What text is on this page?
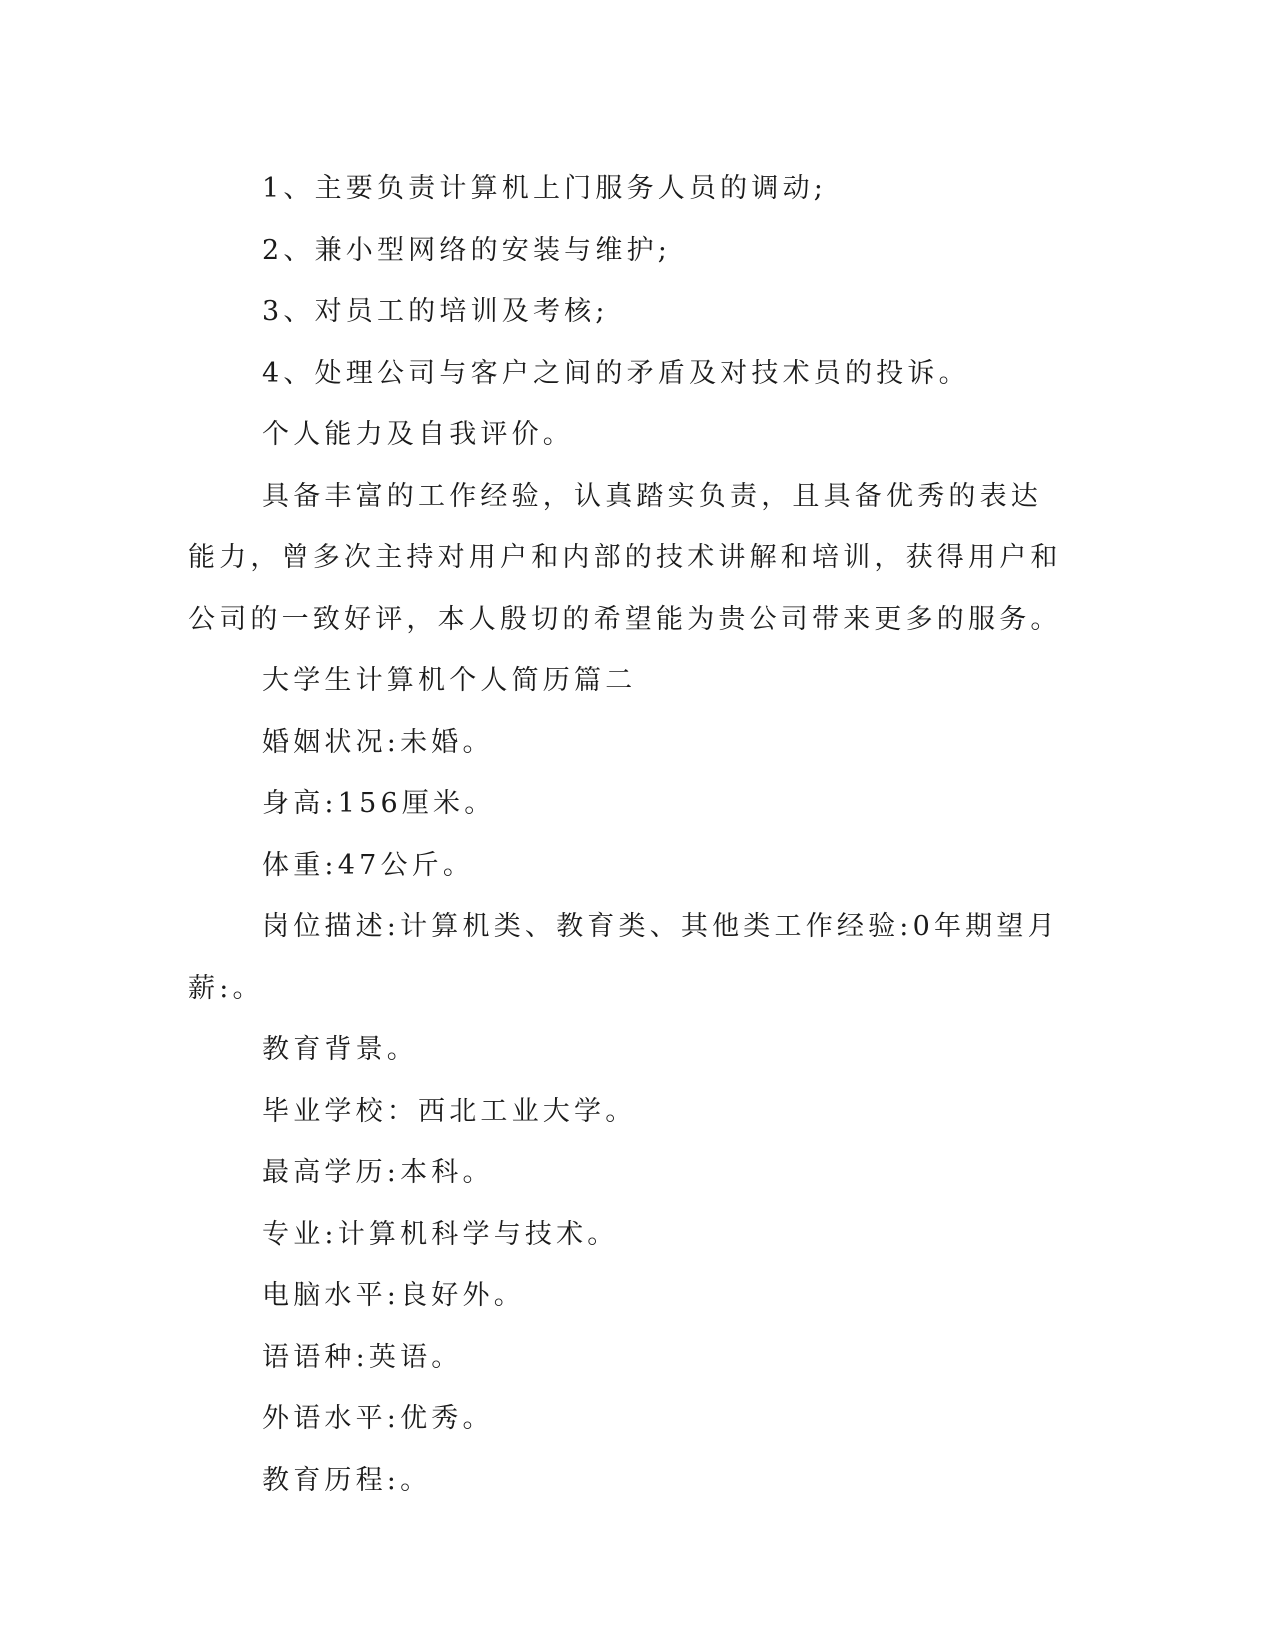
1、主要负责计算机上门服务人员的调动;

2、兼小型网络的安装与维护;

3、对员工的培训及考核;

4、处理公司与客户之间的矛盾及对技术员的投诉。

个人能力及自我评价。

具备丰富的工作经验，认真踏实负责，且具备优秀的表达能力，曾多次主持对用户和内部的技术讲解和培训，获得用户和公司的一致好评，本人殷切的希望能为贵公司带来更多的服务。

大学生计算机个人简历篇二

婚姻状况:未婚。

身高:156厘米。

体重:47公斤。

岗位描述:计算机类、教育类、其他类工作经验:0年期望月薪:。

教育背景。

毕业学校：西北工业大学。

最高学历:本科。

专业:计算机科学与技术。

电脑水平:良好外。

语语种:英语。

外语水平:优秀。

教育历程:。
